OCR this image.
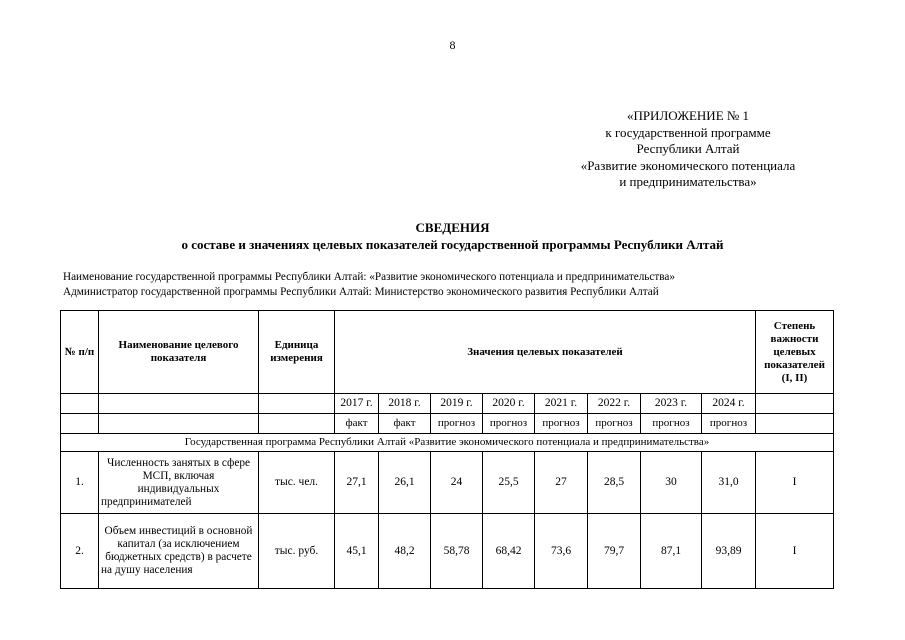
8
«ПРИЛОЖЕНИЕ № 1
к государственной программе
Республики Алтай
«Развитие экономического потенциала
и предпринимательства»
СВЕДЕНИЯ
о составе и значениях целевых показателей государственной программы Республики Алтай
Наименование государственной программы Республики Алтай: «Развитие экономического потенциала и предпринимательства»
Администратор государственной программы Республики Алтай: Министерство экономического развития Республики Алтай
№ п/п	Наименование целевого показателя	Единица измерения	Значения целевых показателей								Степень важности целевых показателей (I, II)
			2017 г.	2018 г.	2019 г.	2020 г.	2021 г.	2022 г.	2023 г.	2024 г.	
			факт	факт	прогноз	прогноз	прогноз	прогноз	прогноз	прогноз	
Государственная программа Республики Алтай «Развитие экономического потенциала и предпринимательства»											
1.	Численность занятых в сфере МСП, включая индивидуальных предпринимателей	тыс. чел.	27,1	26,1	24	25,5	27	28,5	30	31,0	I
2.	Объем инвестиций в основной капитал (за исключением бюджетных средств) в расчете на душу населения	тыс. руб.	45,1	48,2	58,78	68,42	73,6	79,7	87,1	93,89	I
